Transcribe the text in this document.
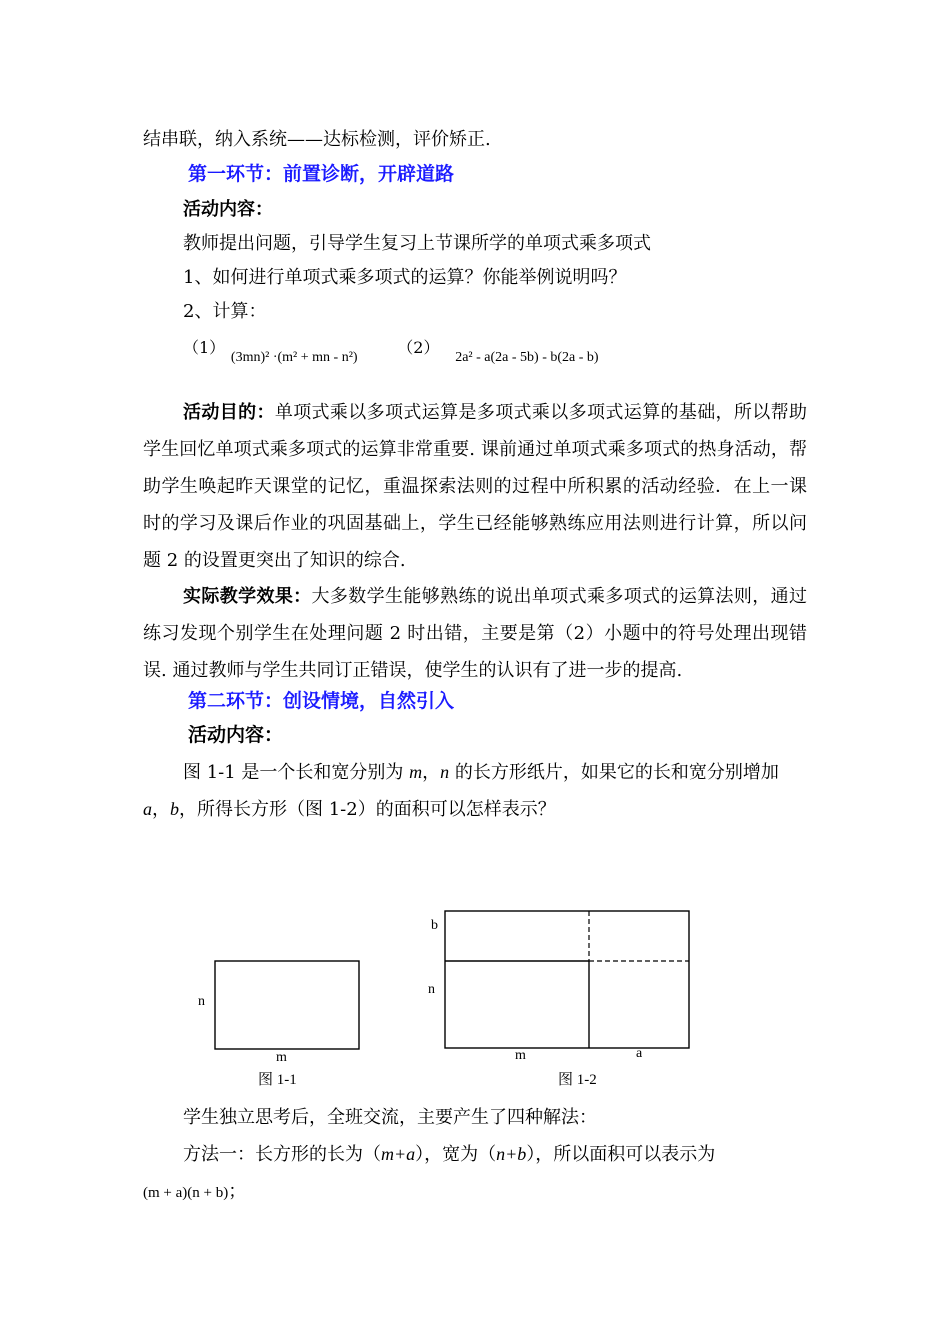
结串联，纳入系统——达标检测，评价矫正.
第一环节：前置诊断，开辟道路
活动内容：
教师提出问题，引导学生复习上节课所学的单项式乘多项式
1、如何进行单项式乘多项式的运算？你能举例说明吗？
2、计算：
（1） $_{(3mn)^2 \cdot(m^2 + mn - n^2)}$ （2） $_{2a^2 - a(2a - 5b) - b(2a - b)}$
活动目的：单项式乘以多项式运算是多项式乘以多项式运算的基础，所以帮助学生回忆单项式乘多项式的运算非常重要. 课前通过单项式乘多项式的热身活动，帮助学生唤起昨天课堂的记忆，重温探索法则的过程中所积累的活动经验．在上一课时的学习及课后作业的巩固基础上，学生已经能够熟练应用法则进行计算，所以问题 2 的设置更突出了知识的综合.
实际教学效果：大多数学生能够熟练的说出单项式乘多项式的运算法则，通过练习发现个别学生在处理问题 2 时出错，主要是第（2）小题中的符号处理出现错误. 通过教师与学生共同订正错误，使学生的认识有了进一步的提高.
第二环节：创设情境，自然引入
活动内容：
图 1-1 是一个长和宽分别为 m，n 的长方形纸片，如果它的长和宽分别增加
a，b，所得长方形（图 1-2）的面积可以怎样表示？
n
m
图 1-1
b
n
m	a
图 1-2
学生独立思考后，全班交流，主要产生了四种解法：
方法一：长方形的长为（m+a），宽为（n+b），所以面积可以表示为
(m + a)(n + b)；
